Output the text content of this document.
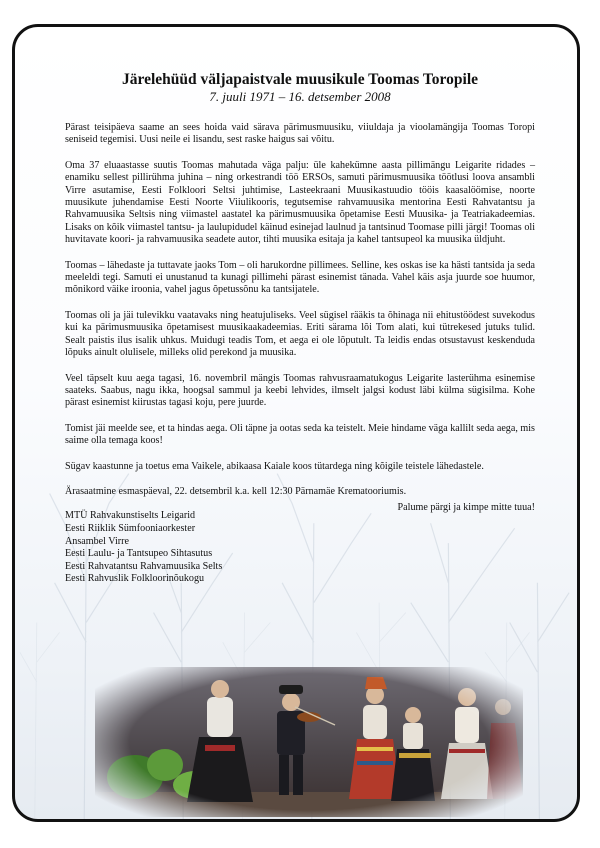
Järelehüüd väljapaistvale muusikule Toomas Toropile
7. juuli 1971 – 16. detsember 2008

Pärast teisipäeva saame an sees hoida vaid särava pärimusmuusiku, viiuldaja ja vioolamängija Toomas Toropi seniseid tegemisi. Uusi neile ei lisandu, sest raske haigus sai võitu.

Oma 37 eluaastasse suutis Toomas mahutada väga palju: üle kahekümne aasta pillimängu Leigarite ridades – enamiku sellest pillirühma juhina – ning orkestrandi töö ERSOs, samuti pärimusmuusika töötlusi loova ansambli Virre asutamise, Eesti Folkloori Seltsi juhtimise, Lasteekraani Muusikastuudio tööis kaasalöömise, noorte muusikute juhendamise Eesti Noorte Viiulikooris, tegutsemise rahvamuusika mentorina Eesti Rahvatantsu ja Rahvamuusika Seltsis ning viimastel aastatel ka pärimusmuusika õpetamise Eesti Muusika- ja Teatriakadeemias. Lisaks on kõik viimastel tantsu- ja laulupidudel käinud esinejad laulnud ja tantsinud Toomase pilli järgi! Toomas oli huvitavate koori- ja rahvamuusika seadete autor, tihti muusika esitaja ja kahel tantsupeol ka muusika üldjuht.

Toomas – lähedaste ja tuttavate jaoks Tom – oli harukordne pillimees. Selline, kes oskas ise ka hästi tantsida ja seda meeleldi tegi. Samuti ei unustanud ta kunagi pillimehi pärast esinemist tänada. Vahel käis asja juurde soe huumor, mõnikord väike iroonia, vahel jagus õpetussõnu ka tantsijatele.

Toomas oli ja jäi tulevikku vaatavaks ning heatujuliseks. Veel sügisel rääkis ta õhinaga nii ehitustöödest suvekodus kui ka pärimusmuusika õpetamisest muusikaakadeemias. Eriti särama lõi Tom alati, kui tütrekesed jutuks tulid. Sealt paistis ilus isalik uhkus. Muidugi teadis Tom, et aega ei ole lõputult. Ta leidis endas otsustavust keskenduda lõpuks ainult olulisele, milleks olid perekond ja muusika.

Veel täpselt kuu aega tagasi, 16. novembril mängis Toomas rahvusraamatukogus Leigarite lasterühma esinemise saateks. Saabus, nagu ikka, hoogsal sammul ja keebi lehvides, ilmselt jalgsi kodust läbi külma sügisilma. Kohe pärast esinemist kiirustas tagasi koju, pere juurde.

Tomist jäi meelde see, et ta hindas aega. Oli täpne ja ootas seda ka teistelt. Meie hindame väga kallilt seda aega, mis saime olla temaga koos!

Sügav kaastunne ja toetus ema Vaikele, abikaasa Kaiale koos tütardega ning kõigile teistele lähedastele.

Ärasaatmine esmaspäeval, 22. detsembril k.a. kell 12:30 Pärnamäe Krematooriumis.

Palume pärgi ja kimpe mitte tuua!
MTÜ Rahvakunstiselts Leigarid
Eesti Riiklik Sümfooniaorkester
Ansambel Virre
Eesti Laulu- ja Tantsupeo Sihtasutus
Eesti Rahvatantsu Rahvamuusika Selts
Eesti Rahvuslik Folkloorinõukogu
